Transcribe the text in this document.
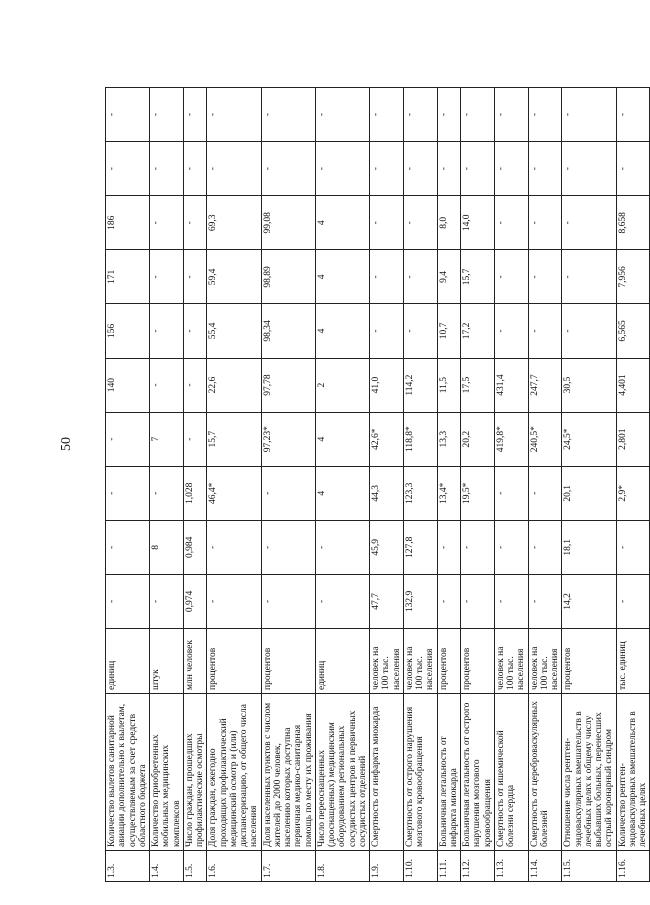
50
1.3.	Количество вылетов санитарной авиации дополнительно к вылетам, осуществляемым за счет средств областного бюджета	единиц	-	-	-	-	140	156	171	186	-	-
1.4.	Количество приобретенных мобильных медицинских комплексов	штук	-	8	-	7	-	-	-	-	-	-
1.5.	Число граждан, прошедших профилактические осмотры	млн человек	0,974	0,984	1,028	-	-	-	-	-	-	-
1.6.	Доля граждан, ежегодно проходящих профилактический медицинский осмотр и (или) диспансеризацию, от общего числа населения	процентов	-	-	46,4*	15,7	22,6	55,4	59,4	69,3	-	-
1.7.	Доля населенных пунктов с числом жителей до 2000 человек, населению которых доступна первичная медико-санитарная помощь по месту их проживания	процентов	-	-	-	97,23*	97,78	98,34	98,89	99,08	-	-
1.8.	Число переоснащенных (дооснащенных) медицинским оборудованием региональных сосудистых центров и первичных сосудистых отделений	единиц	-	-	4	4	2	4	4	4	-	-
1.9.	Смертность от инфаркта миокарда	человек на 100 тыс. населения	47,7	45,9	44,3	42,6*	41,0	-	-	-	-	-
1.10.	Смертность от острого нарушения мозгового кровообращения	человек на 100 тыс. населения	132,9	127,8	123,3	118,8*	114,2	-	-	-	-	-
1.11.	Больничная летальность от инфаркта миокарда	процентов	-	-	13,4*	13,3	11,5	10,7	9,4	8,0	-	-
1.12.	Больничная летальность от острого нарушения мозгового кровообращения	процентов	-	-	19,5*	20,2	17,5	17,2	15,7	14,0	-	-
1.13.	Смертность от ишемической болезни сердца	человек на 100 тыс. населения	-	-	-	419,8*	431,4	-	-	-	-	-
1.14.	Смертность от цереброваскулярных болезней	человек на 100 тыс. населения	-	-	-	240,5*	247,7	-	-	-	-	-
1.15.	Отношение числа рентген-эндоваскулярных вмешательств в лечебных целях к общему числу выбывших больных, перенесших острый коронарный синдром	процентов	14,2	18,1	20,1	24,5*	30,5	-	-	-	-	-
1.16.	Количество рентген-эндоваскулярных вмешательств в лечебных целях	тыс. единиц	-	-	2,9*	2,801	4,401	6,565	7,956	8,658	-	-
